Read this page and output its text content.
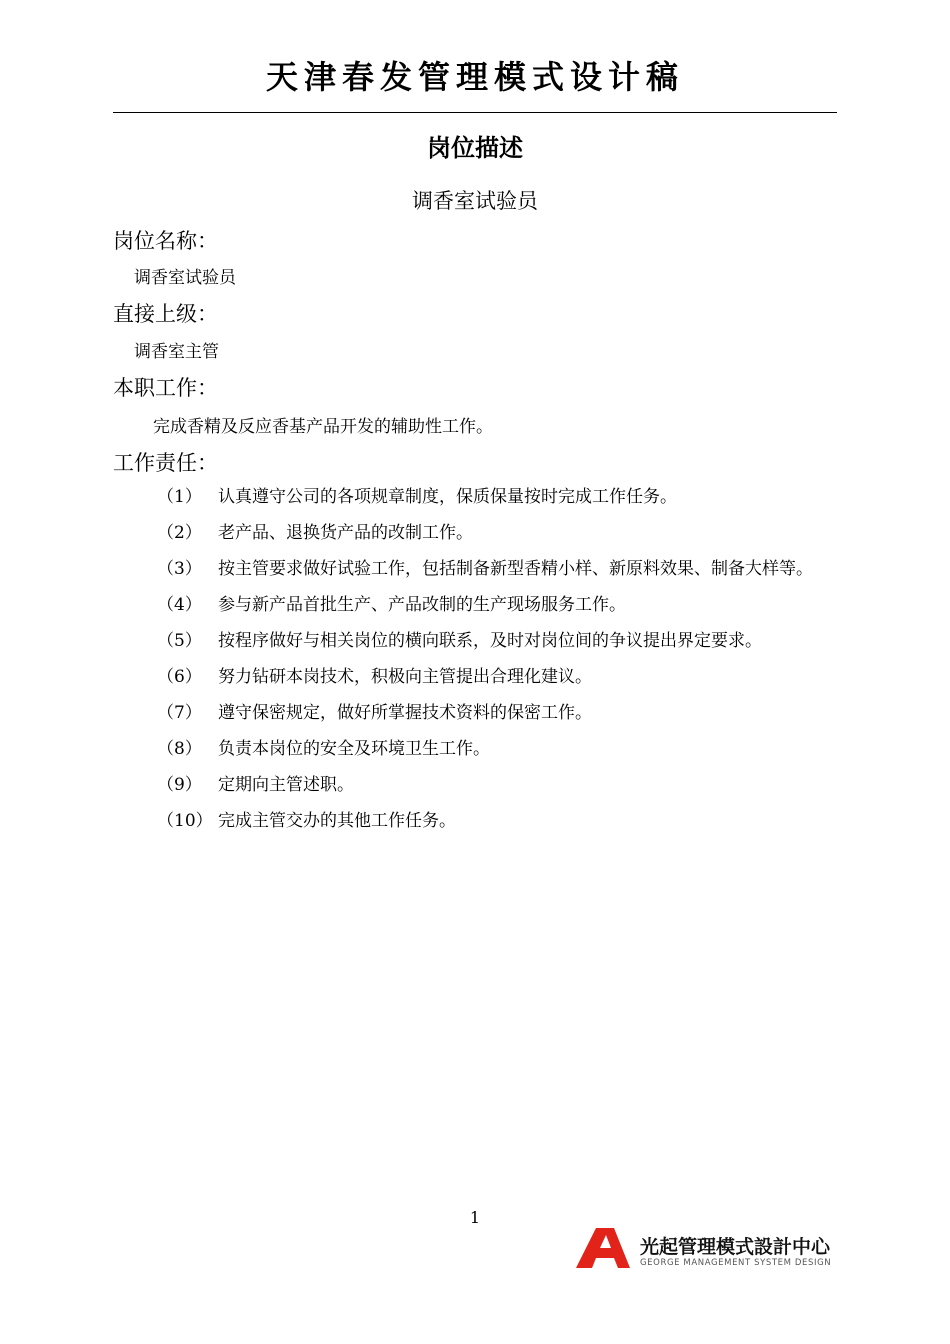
天津春发管理模式设计稿
岗位描述
调香室试验员
岗位名称：
调香室试验员
直接上级：
调香室主管
本职工作：
完成香精及反应香基产品开发的辅助性工作。
工作责任：
（1） 认真遵守公司的各项规章制度，保质保量按时完成工作任务。
（2） 老产品、退换货产品的改制工作。
（3） 按主管要求做好试验工作，包括制备新型香精小样、新原料效果、制备大样等。
（4） 参与新产品首批生产、产品改制的生产现场服务工作。
（5） 按程序做好与相关岗位的横向联系，及时对岗位间的争议提出界定要求。
（6） 努力钻研本岗技术，积极向主管提出合理化建议。
（7） 遵守保密规定，做好所掌握技术资料的保密工作。
（8） 负责本岗位的安全及环境卫生工作。
（9） 定期向主管述职。
（10） 完成主管交办的其他工作任务。
1
光起管理模式設計中心
GEORGE MANAGEMENT SYSTEM DESIGN
